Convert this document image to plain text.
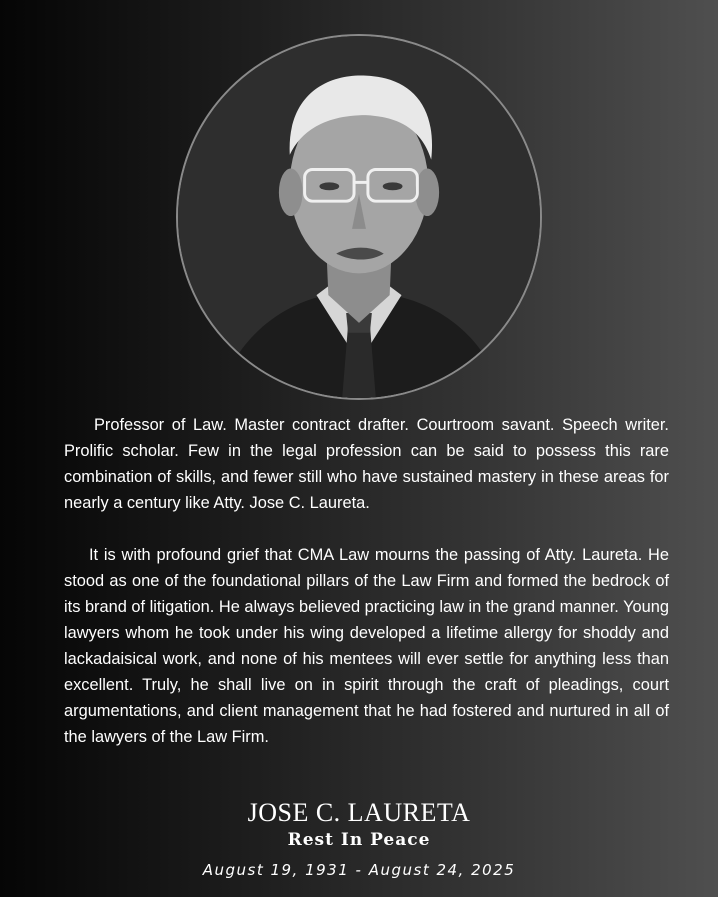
Professor of Law. Master contract drafter. Courtroom savant. Speech writer. Prolific scholar. Few in the legal profession can be said to possess this rare combination of skills, and fewer still who have sustained mastery in these areas for nearly a century like Atty. Jose C. Laureta.

It is with profound grief that CMA Law mourns the passing of Atty. Laureta. He stood as one of the foundational pillars of the Law Firm and formed the bedrock of its brand of litigation. He always believed practicing law in the grand manner. Young lawyers whom he took under his wing developed a lifetime allergy for shoddy and lackadaisical work, and none of his mentees will ever settle for anything less than excellent. Truly, he shall live on in spirit through the craft of pleadings, court argumentations, and client management that he had fostered and nurtured in all of the lawyers of the Law Firm.

JOSE C. LAURETA
Rest In Peace
August 19, 1931 - August 24, 2025
